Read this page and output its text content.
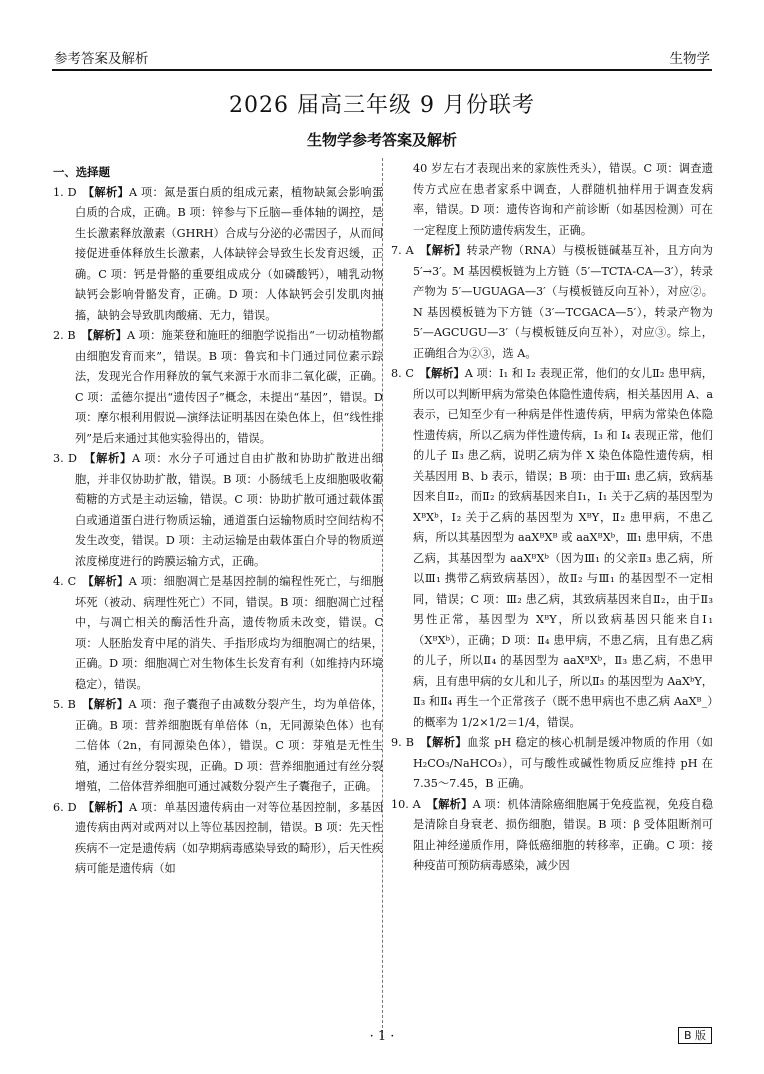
参考答案及解析	生物学
2026 届高三年级 9 月份联考
生物学参考答案及解析
一、选择题

1. D　 【解析】A 项：氮是蛋白质的组成元素，植物缺氮会影响蛋白质的合成，正确。B 项：锌参与下丘脑—垂体轴的调控，是生长激素释放激素（GHRH）合成与分泌的必需因子，从而间接促进垂体释放生长激素，人体缺锌会导致生长发育迟缓，正确。C 项：钙是骨骼的重要组成成分（如磷酸钙），哺乳动物缺钙会影响骨骼发育，正确。D 项：人体缺钙会引发肌肉抽搐，缺钠会导致肌肉酸痛、无力，错误。

2. B　 【解析】A 项：施莱登和施旺的细胞学说指出“一切动植物都由细胞发育而来”，错误。B 项：鲁宾和卡门通过同位素示踪法，发现光合作用释放的氧气来源于水而非二氧化碳，正确。C 项：孟德尔提出“遗传因子”概念，未提出“基因”，错误。D 项：摩尔根利用假说—演绎法证明基因在染色体上，但“线性排列”是后来通过其他实验得出的，错误。

3. D　 【解析】A 项：水分子可通过自由扩散和协助扩散进出细胞，并非仅协助扩散，错误。B 项：小肠绒毛上皮细胞吸收葡萄糖的方式是主动运输，错误。C 项：协助扩散可通过载体蛋白或通道蛋白进行物质运输，通道蛋白运输物质时空间结构不发生改变，错误。D 项：主动运输是由载体蛋白介导的物质逆浓度梯度进行的跨膜运输方式，正确。

4. C　 【解析】A 项：细胞凋亡是基因控制的编程性死亡，与细胞坏死（被动、病理性死亡）不同，错误。B 项：细胞凋亡过程中，与凋亡相关的酶活性升高，遗传物质未改变，错误。C 项：人胚胎发育中尾的消失、手指形成均为细胞凋亡的结果，正确。D 项：细胞凋亡对生物体生长发育有利（如维持内环境稳定），错误。

5. B　 【解析】A 项：孢子囊孢子由减数分裂产生，均为单倍体，正确。B 项：营养细胞既有单倍体（n，无同源染色体）也有二倍体（2n，有同源染色体），错误。C 项：芽殖是无性生殖，通过有丝分裂实现，正确。D 项：营养细胞通过有丝分裂增殖，二倍体营养细胞可通过减数分裂产生子囊孢子，正确。

6. D　 【解析】A 项：单基因遗传病由一对等位基因控制，多基因遗传病由两对或两对以上等位基因控制，错误。B 项：先天性疾病不一定是遗传病（如孕期病毒感染导致的畸形），后天性疾病可能是遗传病（如

40 岁左右才表现出来的家族性秃头），错误。C 项：调查遗传方式应在患者家系中调查，人群随机抽样用于调查发病率，错误。D 项：遗传咨询和产前诊断（如基因检测）可在一定程度上预防遗传病发生，正确。

7. A　 【解析】转录产物（RNA）与模板链碱基互补，且方向为 5′→3′。M 基因模板链为上方链（5′—TCTA-CA—3′），转录产物为 5′—UGUAGA—3′（与模板链反向互补），对应②。N 基因模板链为下方链（3′—TCGACA—5′），转录产物为 5′—AGCUGU—3′（与模板链反向互补），对应③。综上，正确组合为②③，选 A。

8. C　 【解析】A 项：Ⅰ₁ 和 Ⅰ₂ 表现正常，他们的女儿Ⅱ₂ 患甲病，所以可以判断甲病为常染色体隐性遗传病，相关基因用 A、a 表示，已知至少有一种病是伴性遗传病，甲病为常染色体隐性遗传病，所以乙病为伴性遗传病，Ⅰ₃ 和 Ⅰ₄ 表现正常，他们的儿子 Ⅱ₃ 患乙病，说明乙病为伴 X 染色体隐性遗传病，相关基因用 B、b 表示，错误；B 项：由于Ⅲ₁ 患乙病，致病基因来自Ⅱ₂，而Ⅱ₂ 的致病基因来自Ⅰ₁，Ⅰ₁ 关于乙病的基因型为 XᴮXᵇ，Ⅰ₂ 关于乙病的基因型为 XᴮY，Ⅱ₂ 患甲病，不患乙病，所以其基因型为 aaXᴮXᴮ 或 aaXᴮXᵇ，Ⅲ₁ 患甲病，不患乙病，其基因型为 aaXᴮXᵇ（因为Ⅲ₁ 的父亲Ⅱ₃ 患乙病，所以Ⅲ₁ 携带乙病致病基因），故Ⅱ₂ 与Ⅲ₁ 的基因型不一定相同，错误；C 项：Ⅲ₂ 患乙病，其致病基因来自Ⅱ₂，由于Ⅱ₃ 男性正常，基因型为 XᴮY，所以致病基因只能来自Ⅰ₁（XᴮXᵇ），正确；D 项：Ⅱ₄ 患甲病，不患乙病，且有患乙病的儿子，所以Ⅱ₄ 的基因型为 aaXᴮXᵇ，Ⅱ₃ 患乙病，不患甲病，且有患甲病的女儿和儿子，所以Ⅱ₃ 的基因型为 AaXᵇY，Ⅱ₃ 和Ⅱ₄ 再生一个正常孩子（既不患甲病也不患乙病 AaXᴮ_）的概率为 1/2×1/2＝1/4，错误。

9. B　 【解析】血浆 pH 稳定的核心机制是缓冲物质的作用（如 H₂CO₃/NaHCO₃），可与酸性或碱性物质反应维持 pH 在 7.35～7.45，B 正确。

10. A　 【解析】A 项：机体清除癌细胞属于免疫监视，免疫自稳是清除自身衰老、损伤细胞，错误。B 项：β 受体阻断剂可阻止神经递质作用，降低癌细胞的转移率，正确。C 项：接种疫苗可预防病毒感染，减少因

· 1 ·	B 版
